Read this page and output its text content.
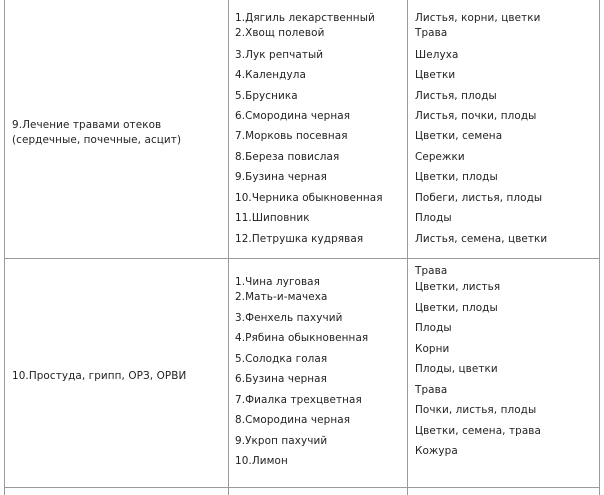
9.Лечение травами отеков (сердечные, почечные, асцит)
1.Дягиль лекарственный
2.Хвощ полевой
3.Лук репчатый
4.Календула
5.Брусника
6.Смородина черная
7.Морковь посевная
8.Береза повислая
9.Бузина черная
10.Черника обыкновенная
11.Шиповник
12.Петрушка кудрявая
Листья, корни, цветки
Трава
Шелуха
Цветки
Листья, плоды
Листья, почки, плоды
Цветки, семена
Сережки
Цветки, плоды
Побеги, листья, плоды
Плоды
Листья, семена, цветки
10.Простуда, грипп, ОРЗ, ОРВИ
1.Чина луговая
2.Мать-и-мачеха
3.Фенхель пахучий
4.Рябина обыкновенная
5.Солодка голая
6.Бузина черная
7.Фиалка трехцветная
8.Смородина черная
9.Укроп пахучий
10.Лимон
Трава
Цветки, листья
Цветки, плоды
Плоды
Корни
Плоды, цветки
Трава
Почки, листья, плоды
Цветки, семена, трава
Кожура
